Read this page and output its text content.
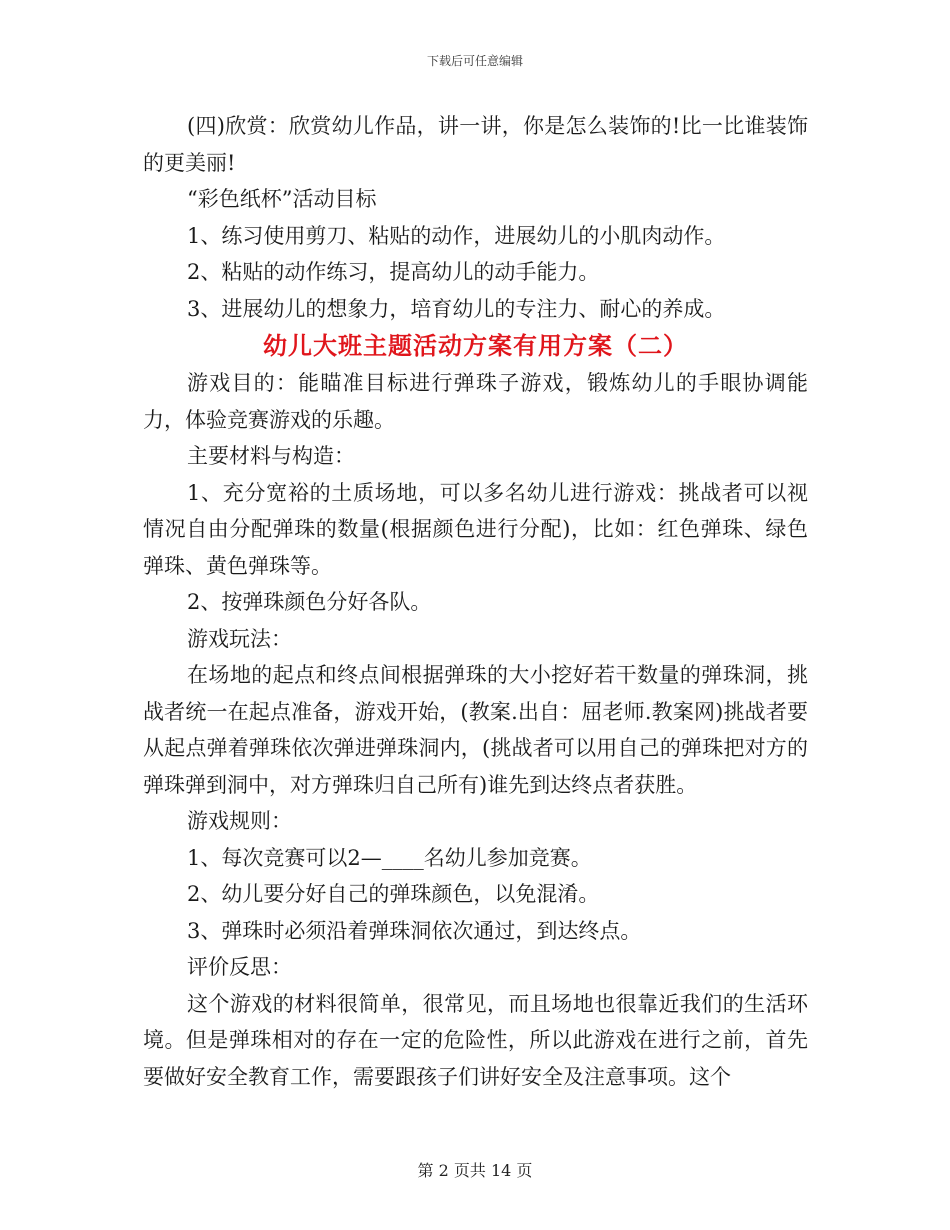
下载后可任意编辑

(四)欣赏：欣赏幼儿作品，讲一讲，你是怎么装饰的!比一比谁装饰的更美丽!

“彩色纸杯”活动目标

1、练习使用剪刀、粘贴的动作，进展幼儿的小肌肉动作。

2、粘贴的动作练习，提高幼儿的动手能力。

3、进展幼儿的想象力，培育幼儿的专注力、耐心的养成。

幼儿大班主题活动方案有用方案（二）

游戏目的：能瞄准目标进行弹珠子游戏，锻炼幼儿的手眼协调能力，体验竞赛游戏的乐趣。

主要材料与构造：

1、充分宽裕的土质场地，可以多名幼儿进行游戏：挑战者可以视情况自由分配弹珠的数量(根据颜色进行分配)，比如：红色弹珠、绿色弹珠、黄色弹珠等。

2、按弹珠颜色分好各队。

游戏玩法：

在场地的起点和终点间根据弹珠的大小挖好若干数量的弹珠洞，挑战者统一在起点准备，游戏开始，(教案.出自：屈老师.教案网)挑战者要从起点弹着弹珠依次弹进弹珠洞内，(挑战者可以用自己的弹珠把对方的弹珠弹到洞中，对方弹珠归自己所有)谁先到达终点者获胜。

游戏规则：

1、每次竞赛可以2—____名幼儿参加竞赛。

2、幼儿要分好自己的弹珠颜色，以免混淆。

3、弹珠时必须沿着弹珠洞依次通过，到达终点。

评价反思：

这个游戏的材料很简单，很常见，而且场地也很靠近我们的生活环境。但是弹珠相对的存在一定的危险性，所以此游戏在进行之前，首先要做好安全教育工作，需要跟孩子们讲好安全及注意事项。这个

第 2 页共 14 页
